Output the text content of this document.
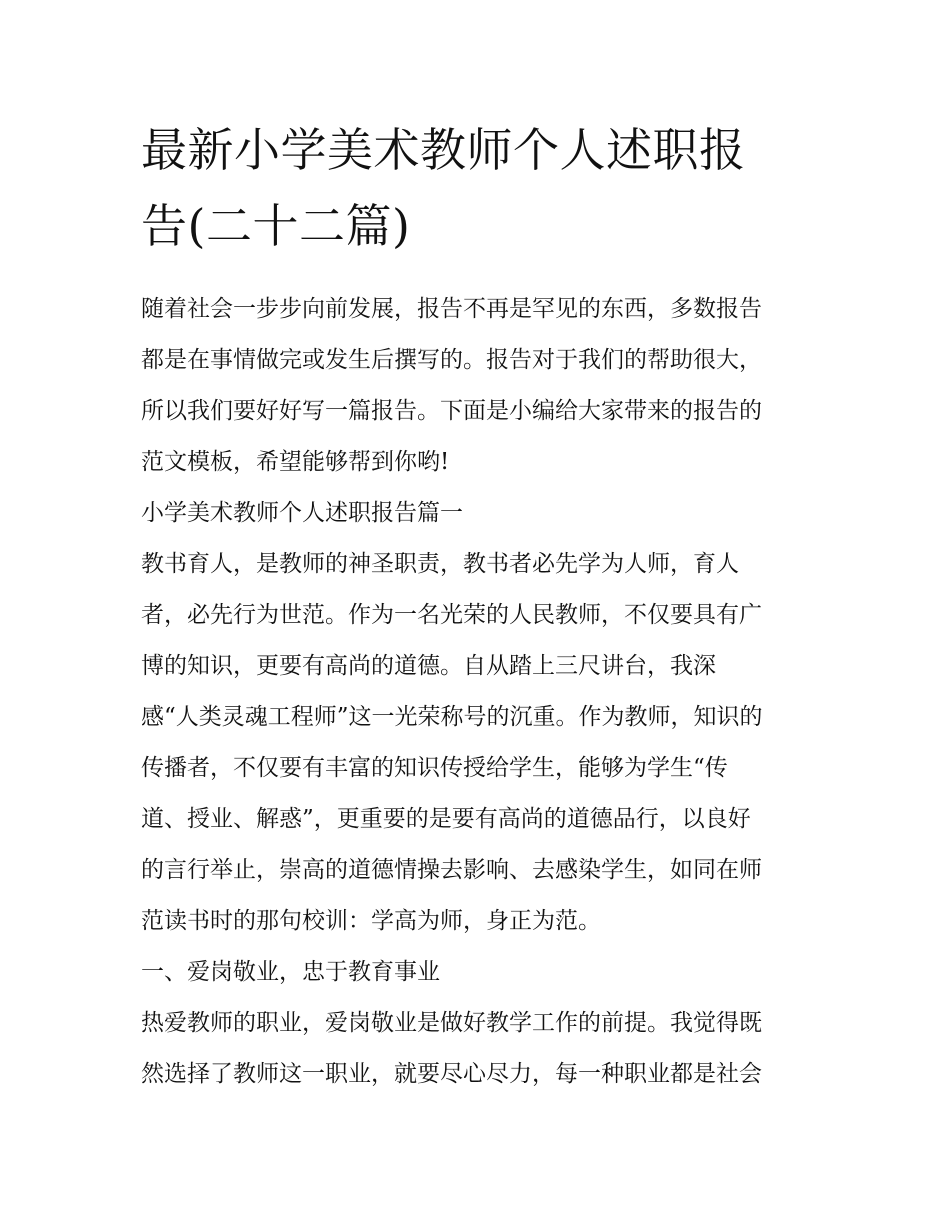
最新小学美术教师个人述职报
告(二十二篇)

随着社会一步步向前发展，报告不再是罕见的东西，多数报告
都是在事情做完或发生后撰写的。报告对于我们的帮助很大，
所以我们要好好写一篇报告。下面是小编给大家带来的报告的
范文模板，希望能够帮到你哟!

小学美术教师个人述职报告篇一

教书育人，是教师的神圣职责，教书者必先学为人师，育人
者，必先行为世范。作为一名光荣的人民教师，不仅要具有广
博的知识，更要有高尚的道德。自从踏上三尺讲台，我深
感“人类灵魂工程师”这一光荣称号的沉重。作为教师，知识的
传播者，不仅要有丰富的知识传授给学生，能够为学生“传
道、授业、解惑”，更重要的是要有高尚的道德品行，以良好
的言行举止，崇高的道德情操去影响、去感染学生，如同在师
范读书时的那句校训：学高为师，身正为范。

一、爱岗敬业，忠于教育事业

热爱教师的职业，爱岗敬业是做好教学工作的前提。我觉得既
然选择了教师这一职业，就要尽心尽力，每一种职业都是社会
